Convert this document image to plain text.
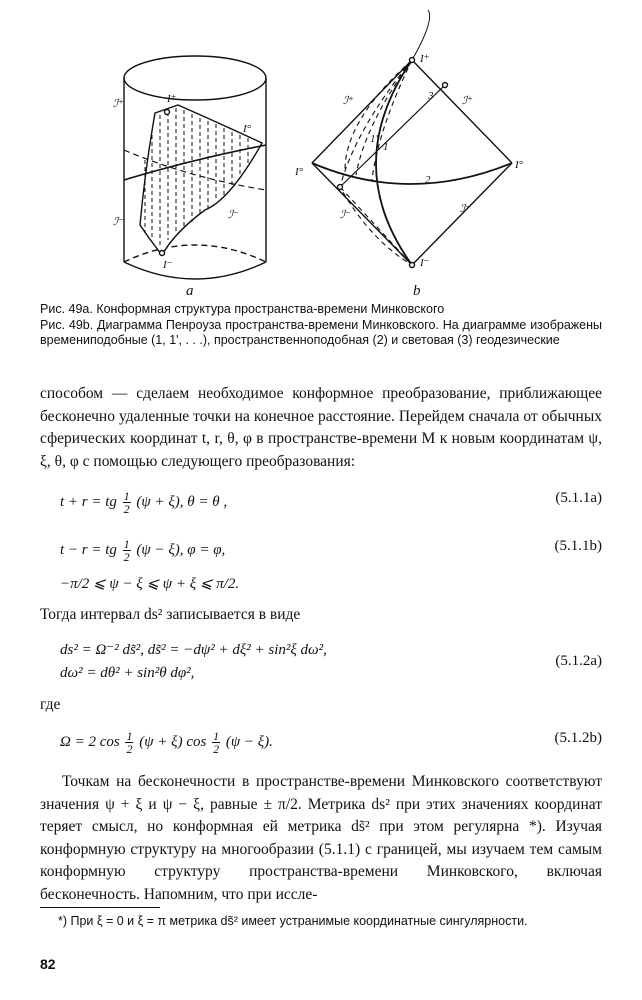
ℐ⁺	I⁺
I°
ℐ⁻
ℐ⁻
I⁻
I⁺
ℐ⁺	ℐ⁺
I°
I°
ℐ⁻	ℐ⁻
I⁻
1
1'
2
3
a	b
Рис. 49a. Конформная структура пространства-времени Минковского
Рис. 49b. Диаграмма Пенроуза пространства-времени Минковского. На диаграмме изображены времениподобные (1, 1', . . .), пространственноподобная (2) и световая (3) геодезические
способом — сделаем необходимое конформное преобразование, приближающее бесконечно удаленные точки на конечное расстояние. Перейдем сначала от обычных сферических координат t, r, θ, φ в пространстве-времени M к новым координатам ψ, ξ, θ, φ с помощью следующего преобразования:
t + r = tg $\frac{1}{2} (\psi + \xi)$, θ = θ ,	(5.1.1a)
t − r = tg $\frac{1}{2} (\psi - \xi)$, φ = φ,	(5.1.1b)
−π/2 ⩽ ψ − ξ ⩽ ψ + ξ ⩽ π/2.
Тогда интервал ds² записывается в виде
ds² = Ω⁻² ds̃², ds̃² = −dψ² + dξ² + sin²ξ dω²,
dω² = dθ² + sin²θ dφ²,
(5.1.2a)
где
Ω = 2 $\cos \frac{1}{2} (\psi + \xi)$ $\cos \frac{1}{2} (\psi - \xi)$.	(5.1.2b)
Точкам на бесконечности в пространстве-времени Минковского соответствуют значения ψ + ξ и ψ − ξ, равные ± π/2. Метрика ds² при этих значениях координат теряет смысл, но конформная ей метрика ds̃² при этом регулярна *). Изучая конформную структуру на многообразии (5.1.1) с границей, мы изучаем тем самым конформную структуру пространства-времени Минковского, включая бесконечность. Напомним, что при иссле-
*) При ξ = 0 и ξ = π метрика ds̃² имеет устранимые координатные сингулярности.
82
